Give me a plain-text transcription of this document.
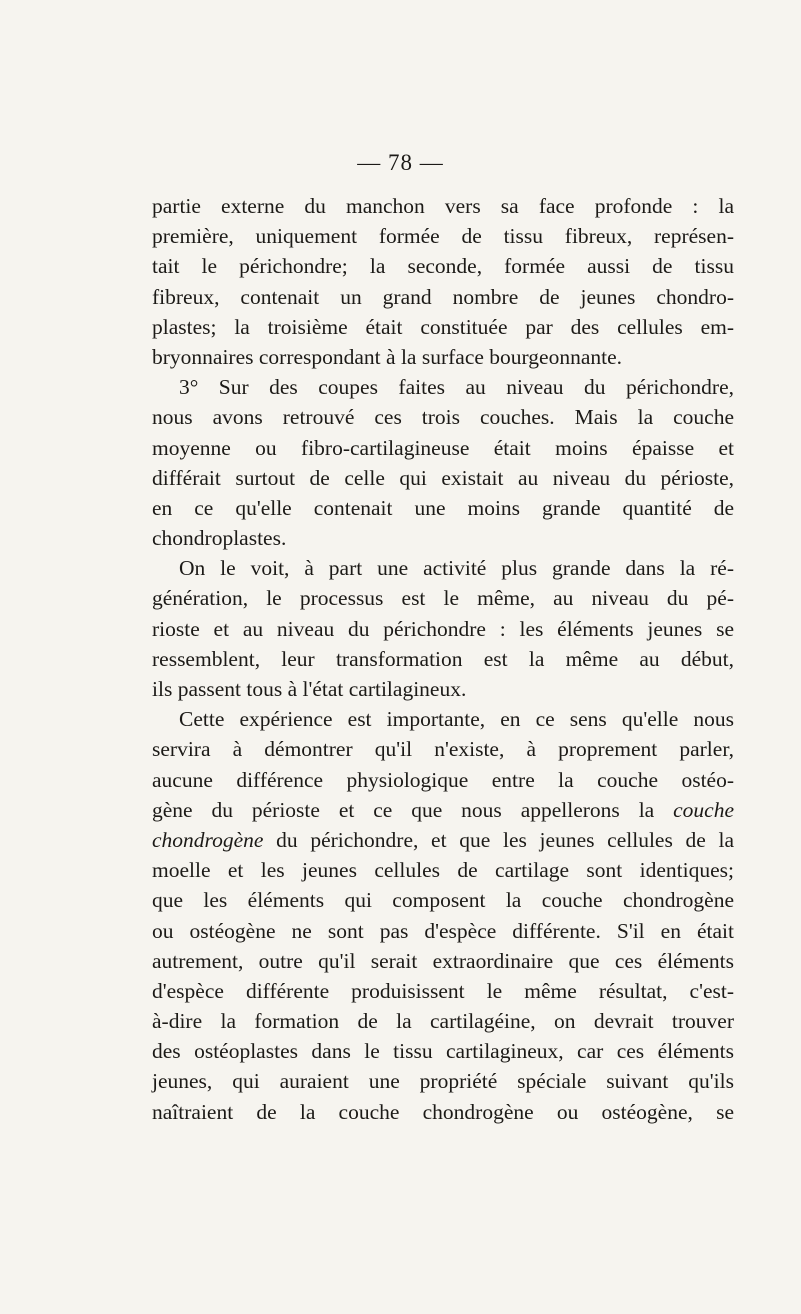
— 78 —

partie externe du manchon vers sa face profonde : la
première, uniquement formée de tissu fibreux, représen-
tait le périchondre; la seconde, formée aussi de tissu
fibreux, contenait un grand nombre de jeunes chondro-
plastes; la troisième était constituée par des cellules em-
bryonnaires correspondant à la surface bourgeonnante.
3° Sur des coupes faites au niveau du périchondre,
nous avons retrouvé ces trois couches. Mais la couche
moyenne ou fibro-cartilagineuse était moins épaisse et
différait surtout de celle qui existait au niveau du périoste,
en ce qu'elle contenait une moins grande quantité de
chondroplastes.
On le voit, à part une activité plus grande dans la ré-
génération, le processus est le même, au niveau du pé-
rioste et au niveau du périchondre : les éléments jeunes se
ressemblent, leur transformation est la même au début,
ils passent tous à l'état cartilagineux.
Cette expérience est importante, en ce sens qu'elle nous
servira à démontrer qu'il n'existe, à proprement parler,
aucune différence physiologique entre la couche ostéo-
gène du périoste et ce que nous appellerons la couche
chondrogène du périchondre, et que les jeunes cellules de la
moelle et les jeunes cellules de cartilage sont identiques;
que les éléments qui composent la couche chondrogène
ou ostéogène ne sont pas d'espèce différente. S'il en était
autrement, outre qu'il serait extraordinaire que ces éléments
d'espèce différente produisissent le même résultat, c'est-
à-dire la formation de la cartilagéine, on devrait trouver
des ostéoplastes dans le tissu cartilagineux, car ces éléments
jeunes, qui auraient une propriété spéciale suivant qu'ils
naîtraient de la couche chondrogène ou ostéogène, se
